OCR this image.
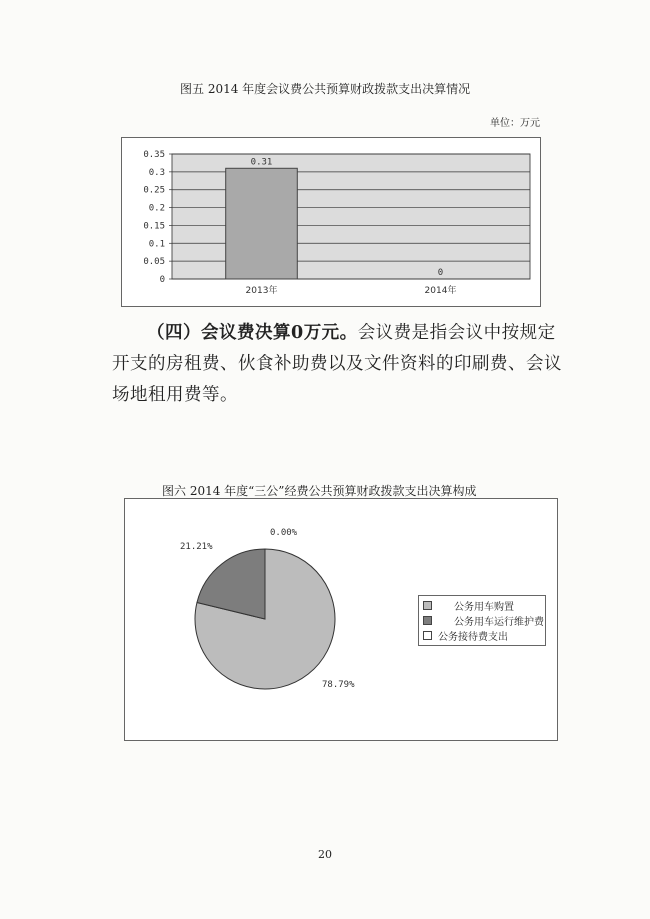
图五 2014 年度会议费公共预算财政拨款支出决算情况
单位：万元
0
0.05
0.1
0.15
0.2
0.25
0.3
0.35
0.31
2013年
0
2014年
（四）会议费决算0万元。会议费是指会议中按规定开支的房租费、伙食补助费以及文件资料的印刷费、会议场地租用费等。
图六 2014 年度“三公”经费公共预算财政拨款支出决算构成
78.79%
21.21%
0.00%
公务用车购置
公务用车运行维护费
公务接待费支出
20
